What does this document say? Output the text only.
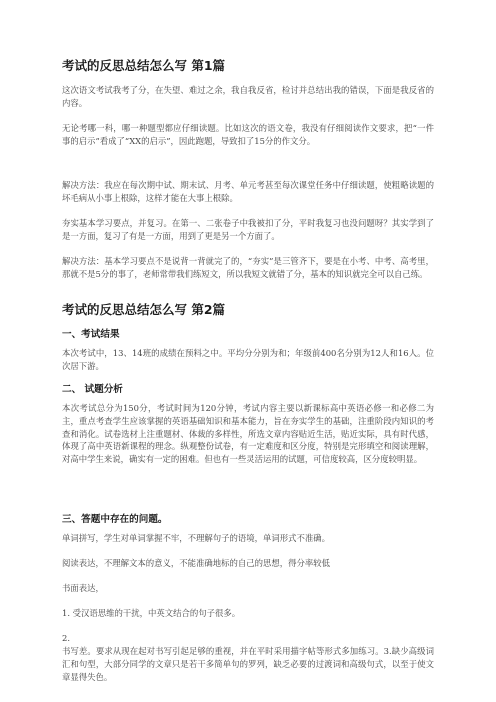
考试的反思总结怎么写 第1篇
这次语文考试我考了分，在失望、难过之余，我自我反省，检讨并总结出我的错误，下面是我反省的内容。
无论考哪一科，哪一种题型都应仔细读题。比如这次的语文卷，我没有仔细阅读作文要求，把“一件事的启示”看成了“XX的启示”，因此跑题，导致扣了15分的作文分。
解决方法：我应在每次期中试、期末试、月考、单元考甚至每次课堂任务中仔细读题，使粗略读题的坏毛病从小事上根除，这样才能在大事上根除。
夯实基本学习要点，并复习。在第一、二张卷子中我被扣了分，平时我复习也没问题呀？其实学到了是一方面，复习了有是一方面，用到了更是另一个方面了。
解决方法：基本学习要点不是说背一背就完了的，“夯实”是三管齐下，要是在小考、中考、高考里，那就不是5分的事了，老师常带我们练短文，所以我短文就错了分，基本的知识就完全可以自己练。
考试的反思总结怎么写 第2篇
一、考试结果
本次考试中，13、14班的成绩在预料之中。平均分分别为和；年级前400名分别为12人和16人。位次居下游。
二、 试题分析
本次考试总分为150分，考试时间为120分钟，考试内容主要以新课标高中英语必修一和必修二为主，重点考查学生应该掌握的英语基础知识和基本能力，旨在夯实学生的基础，注重阶段内知识的考查和消化。试卷选材上注重题材、体裁的多样性，所选文章内容贴近生活，贴近实际，具有时代感，体现了高中英语新课程的理念。纵观整份试卷，有一定难度和区分度，特别是完形填空和阅读理解，对高中学生来说，确实有一定的困难。但也有一些灵活运用的试题，可信度较高，区分度较明显。
三、答题中存在的问题。
单词拼写，学生对单词掌握不牢，不理解句子的语境，单词形式不准确。
阅读表达，不理解文本的意义，不能准确地标的自己的思想，得分率较低
书面表达，
1. 受汉语思维的干扰，中英文结合的句子很多。
2.
书写差。要求从现在起对书写引起足够的重视，并在平时采用描字帖等形式多加练习。3.缺少高级词汇和句型，大部分同学的文章只是若干多简单句的罗列，缺乏必要的过渡词和高级句式，以至于使文章显得失色。
